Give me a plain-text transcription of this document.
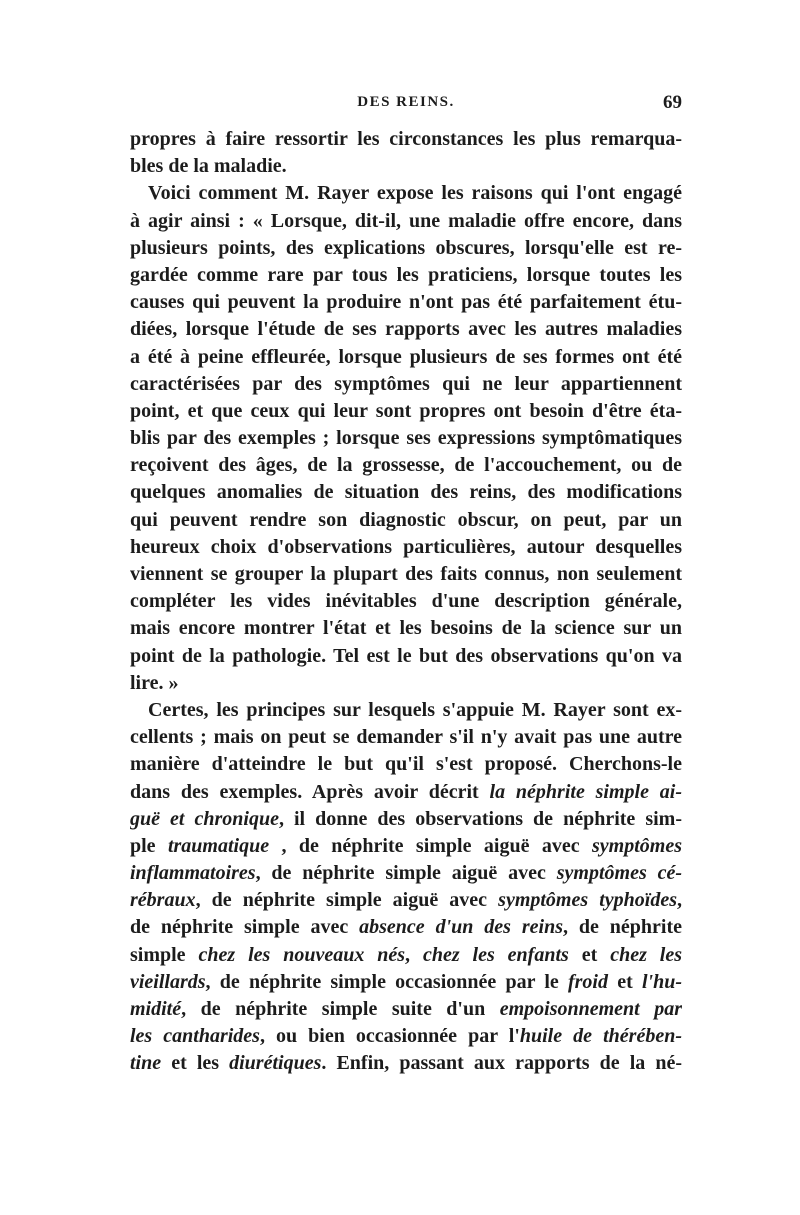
DES REINS.	69
propres à faire ressortir les circonstances les plus remarqua-
bles de la maladie.
Voici comment M. Rayer expose les raisons qui l'ont engagé
à agir ainsi : « Lorsque, dit-il, une maladie offre encore, dans
plusieurs points, des explications obscures, lorsqu'elle est re-
gardée comme rare par tous les praticiens, lorsque toutes les
causes qui peuvent la produire n'ont pas été parfaitement étu-
diées, lorsque l'étude de ses rapports avec les autres maladies
a été à peine effleurée, lorsque plusieurs de ses formes ont été
caractérisées par des symptômes qui ne leur appartiennent
point, et que ceux qui leur sont propres ont besoin d'être éta-
blis par des exemples ; lorsque ses expressions symptômatiques
reçoivent des âges, de la grossesse, de l'accouchement, ou de
quelques anomalies de situation des reins, des modifications
qui peuvent rendre son diagnostic obscur, on peut, par un
heureux choix d'observations particulières, autour desquelles
viennent se grouper la plupart des faits connus, non seulement
compléter les vides inévitables d'une description générale,
mais encore montrer l'état et les besoins de la science sur un
point de la pathologie. Tel est le but des observations qu'on va
lire. »
Certes, les principes sur lesquels s'appuie M. Rayer sont ex-
cellents ; mais on peut se demander s'il n'y avait pas une autre
manière d'atteindre le but qu'il s'est proposé. Cherchons-le
dans des exemples. Après avoir décrit la néphrite simple ai-
guë et chronique, il donne des observations de néphrite sim-
ple traumatique , de néphrite simple aiguë avec symptômes
inflammatoires, de néphrite simple aiguë avec symptômes cé-
rébraux, de néphrite simple aiguë avec symptômes typhoïdes,
de néphrite simple avec absence d'un des reins, de néphrite
simple chez les nouveaux nés, chez les enfants et chez les
vieillards, de néphrite simple occasionnée par le froid et l'hu-
midité, de néphrite simple suite d'un empoisonnement par
les cantharides, ou bien occasionnée par l'huile de thérében-
tine et les diurétiques. Enfin, passant aux rapports de la né-
